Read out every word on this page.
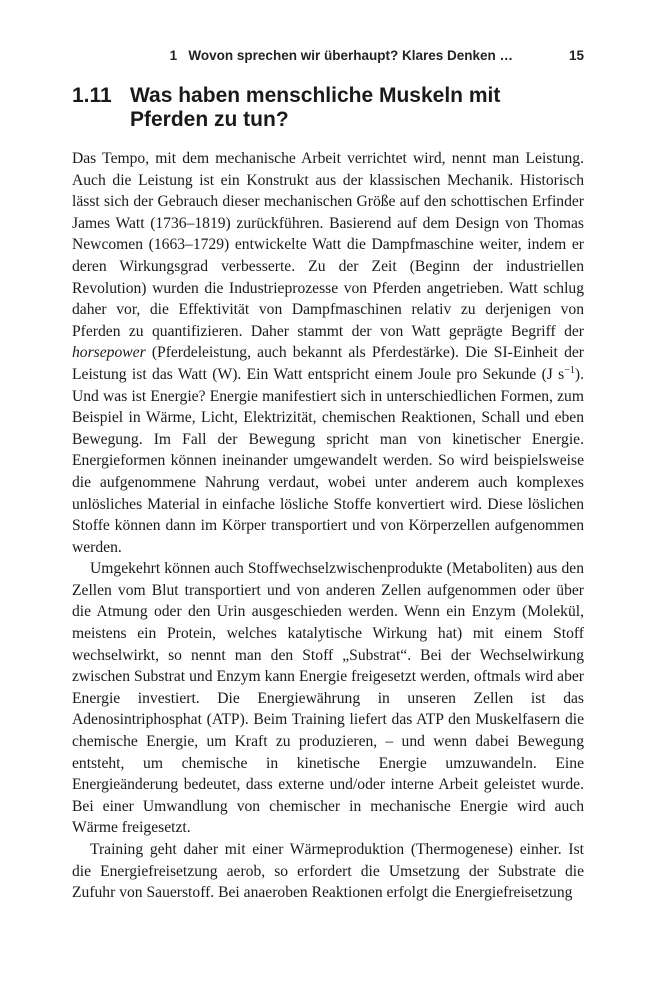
1 Wovon sprechen wir überhaupt? Klares Denken …	15
1.11 Was haben menschliche Muskeln mit Pferden zu tun?

Das Tempo, mit dem mechanische Arbeit verrichtet wird, nennt man Leistung. Auch die Leistung ist ein Konstrukt aus der klassischen Mechanik. Historisch lässt sich der Gebrauch dieser mechanischen Größe auf den schottischen Erfinder James Watt (1736–1819) zurückführen. Basierend auf dem Design von Thomas Newcomen (1663–1729) entwickelte Watt die Dampfmaschine weiter, indem er deren Wirkungsgrad verbesserte. Zu der Zeit (Beginn der industriellen Revolution) wurden die Industrieprozesse von Pferden angetrieben. Watt schlug daher vor, die Effektivität von Dampfmaschinen relativ zu derjenigen von Pferden zu quantifizieren. Daher stammt der von Watt geprägte Begriff der horsepower (Pferdeleistung, auch bekannt als Pferdestärke). Die SI-Einheit der Leistung ist das Watt (W). Ein Watt entspricht einem Joule pro Sekunde (J $s^{-1}$). Und was ist Energie? Energie manifestiert sich in unterschiedlichen Formen, zum Beispiel in Wärme, Licht, Elektrizität, chemischen Reaktionen, Schall und eben Bewegung. Im Fall der Bewegung spricht man von kinetischer Energie. Energieformen können ineinander umgewandelt werden. So wird beispielsweise die aufgenommene Nahrung verdaut, wobei unter anderem auch komplexes unlösliches Material in einfache lösliche Stoffe konvertiert wird. Diese löslichen Stoffe können dann im Körper transportiert und von Körperzellen aufgenommen werden.

Umgekehrt können auch Stoffwechselzwischenprodukte (Metaboliten) aus den Zellen vom Blut transportiert und von anderen Zellen aufgenommen oder über die Atmung oder den Urin ausgeschieden werden. Wenn ein Enzym (Molekül, meistens ein Protein, welches katalytische Wirkung hat) mit einem Stoff wechselwirkt, so nennt man den Stoff „Substrat“. Bei der Wechselwirkung zwischen Substrat und Enzym kann Energie freigesetzt werden, oftmals wird aber Energie investiert. Die Energiewährung in unseren Zellen ist das Adenosintriphosphat (ATP). Beim Training liefert das ATP den Muskelfasern die chemische Energie, um Kraft zu produzieren, – und wenn dabei Bewegung entsteht, um chemische in kinetische Energie umzuwandeln. Eine Energieänderung bedeutet, dass externe und/oder interne Arbeit geleistet wurde. Bei einer Umwandlung von chemischer in mechanische Energie wird auch Wärme freigesetzt.

Training geht daher mit einer Wärmeproduktion (Thermogenese) einher. Ist die Energiefreisetzung aerob, so erfordert die Umsetzung der Substrate die Zufuhr von Sauerstoff. Bei anaeroben Reaktionen erfolgt die Energiefreisetzung
